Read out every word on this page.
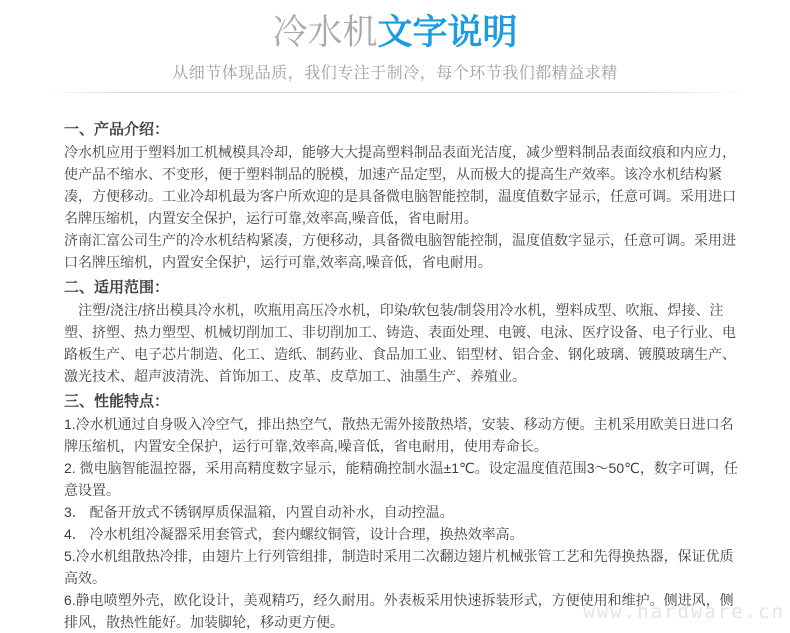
冷水机文字说明
从细节体现品质，我们专注于制冷，每个环节我们都精益求精
一、产品介绍：

冷水机应用于塑料加工机械模具冷却，能够大大提高塑料制品表面光洁度，减少塑料制品表面纹痕和内应力，使产品不缩水、不变形，便于塑料制品的脱模，加速产品定型，从而极大的提高生产效率。该冷水机结构紧凑，方便移动。工业冷却机最为客户所欢迎的是具备微电脑智能控制，温度值数字显示，任意可调。采用进口名牌压缩机，内置安全保护，运行可靠,效率高,噪音低，省电耐用。

济南汇富公司生产的冷水机结构紧凑，方便移动，具备微电脑智能控制，温度值数字显示，任意可调。采用进口名牌压缩机，内置安全保护，运行可靠,效率高,噪音低，省电耐用。

二、适用范围：

　注塑/浇注/挤出模具冷水机，吹瓶用高压冷水机，印染/软包装/制袋用冷水机，塑料成型、吹瓶、焊接、注塑、挤塑、热力塑型、机械切削加工、非切削加工、铸造、表面处理、电镀、电泳、医疗设备、电子行业、电路板生产、电子芯片制造、化工、造纸、制药业、食品加工业、铝型材、铝合金、钢化玻璃、镀膜玻璃生产、激光技术、超声波清洗、首饰加工、皮革、皮草加工、油墨生产、养殖业。

三、性能特点：

1.冷水机通过自身吸入冷空气，排出热空气，散热无需外接散热塔，安装、移动方便。主机采用欧美日进口名牌压缩机，内置安全保护，运行可靠,效率高,噪音低，省电耐用，使用寿命长。

2. 微电脑智能温控器，采用高精度数字显示，能精确控制水温±1℃。设定温度值范围3～50℃，数字可调，任意设置。

3． 配备开放式不锈钢厚质保温箱，内置自动补水，自动控温。

4． 冷水机组冷凝器采用套管式，套内螺纹铜管，设计合理，换热效率高。

5.冷水机组散热冷排，由翅片上行列管组排，制造时采用二次翻边翅片机械张管工艺和先得换热器，保证优质高效。

6.静电喷塑外壳，欧化设计，美观精巧，经久耐用。外表板采用快速拆装形式，方便使用和维护。侧进风，侧排风，散热性能好。加装脚轮，移动更方便。	www.hardware.cn
